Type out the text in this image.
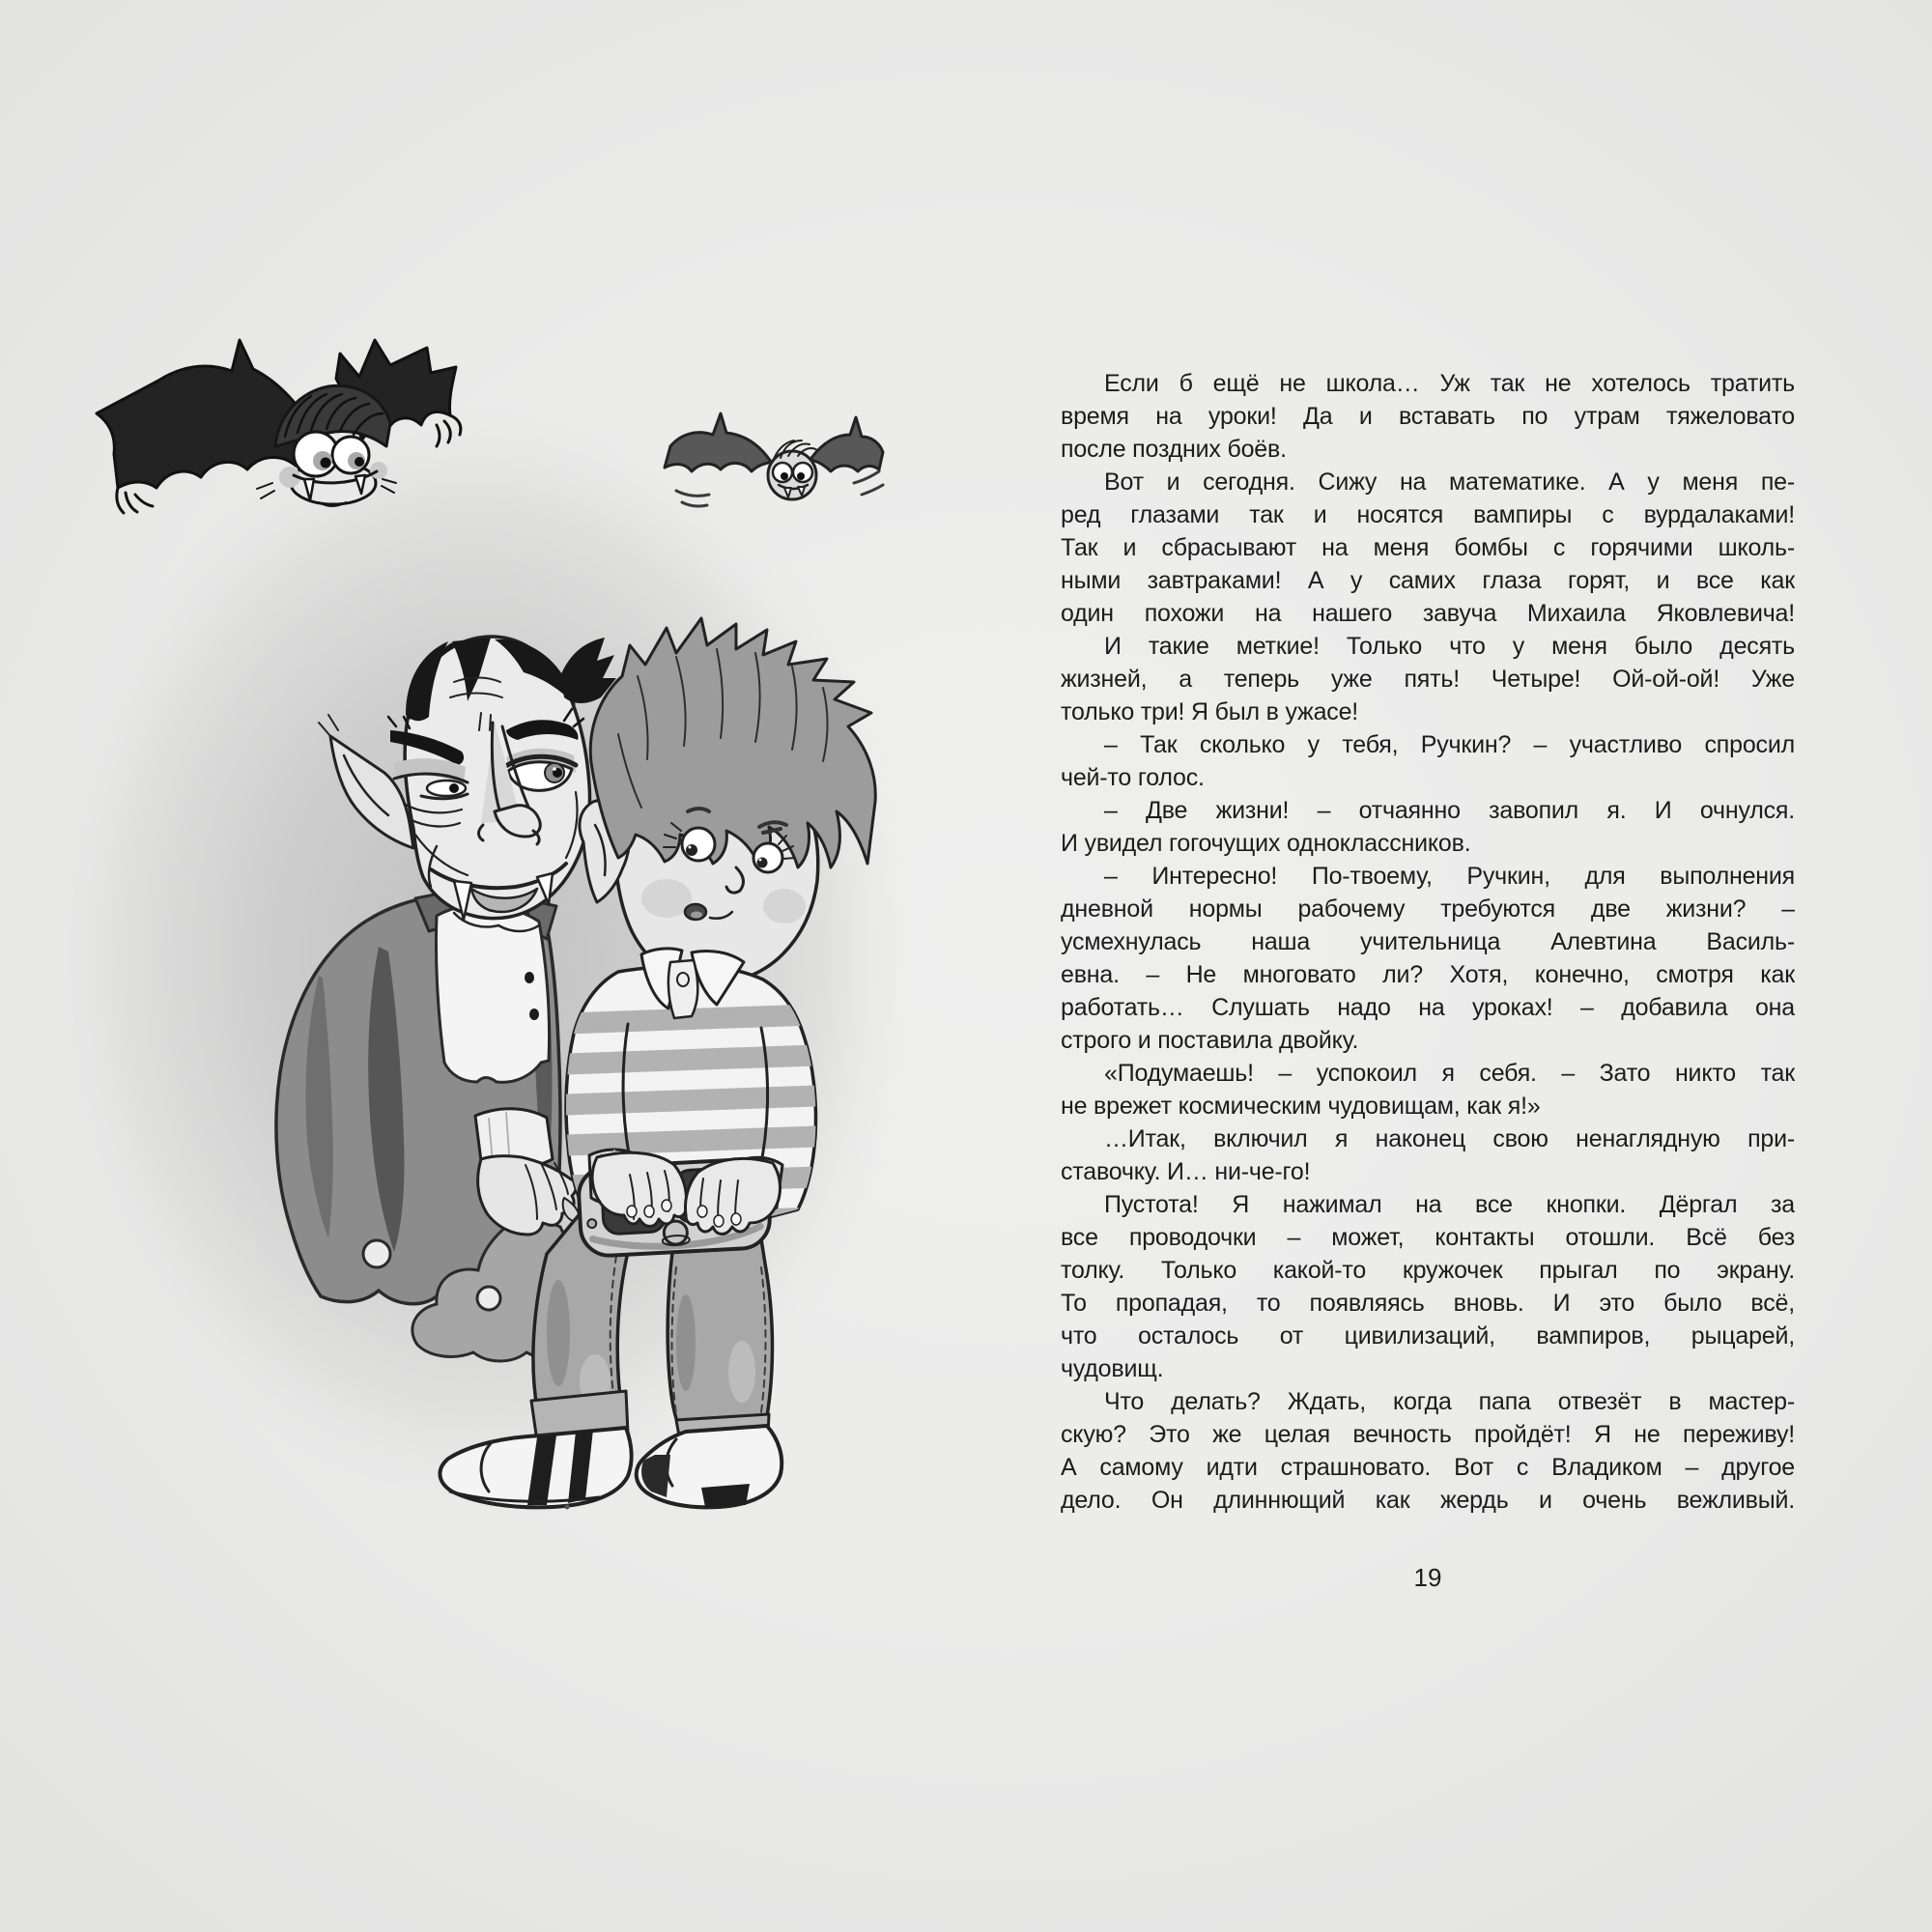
Если б ещё не школа… Уж так не хотелось тратить
время на уроки! Да и вставать по утрам тяжеловато
после поздних боёв.
Вот и сегодня. Сижу на математике. А у меня пе-
ред глазами так и носятся вампиры с вурдалаками!
Так и сбрасывают на меня бомбы с горячими школь-
ными завтраками! А у самих глаза горят, и все как
один похожи на нашего завуча Михаила Яковлевича!
И такие меткие! Только что у меня было десять
жизней, а теперь уже пять! Четыре! Ой-ой-ой! Уже
только три! Я был в ужасе!
– Так сколько у тебя, Ручкин? – участливо спросил
чей-то голос.
– Две жизни! – отчаянно завопил я. И очнулся.
И увидел гогочущих одноклассников.
– Интересно! По-твоему, Ручкин, для выполнения
дневной нормы рабочему требуются две жизни? –
усмехнулась наша учительница Алевтина Василь-
евна. – Не многовато ли? Хотя, конечно, смотря как
работать… Слушать надо на уроках! – добавила она
строго и поставила двойку.
«Подумаешь! – успокоил я себя. – Зато никто так
не врежет космическим чудовищам, как я!»
…Итак, включил я наконец свою ненаглядную при-
ставочку. И… ни-че-го!
Пустота! Я нажимал на все кнопки. Дёргал за
все проводочки – может, контакты отошли. Всё без
толку. Только какой-то кружочек прыгал по экрану.
То пропадая, то появляясь вновь. И это было всё,
что осталось от цивилизаций, вампиров, рыцарей,
чудовищ.
Что делать? Ждать, когда папа отвезёт в мастер-
скую? Это же целая вечность пройдёт! Я не переживу!
А самому идти страшновато. Вот с Владиком – другое
дело. Он длиннющий как жердь и очень вежливый.
19
